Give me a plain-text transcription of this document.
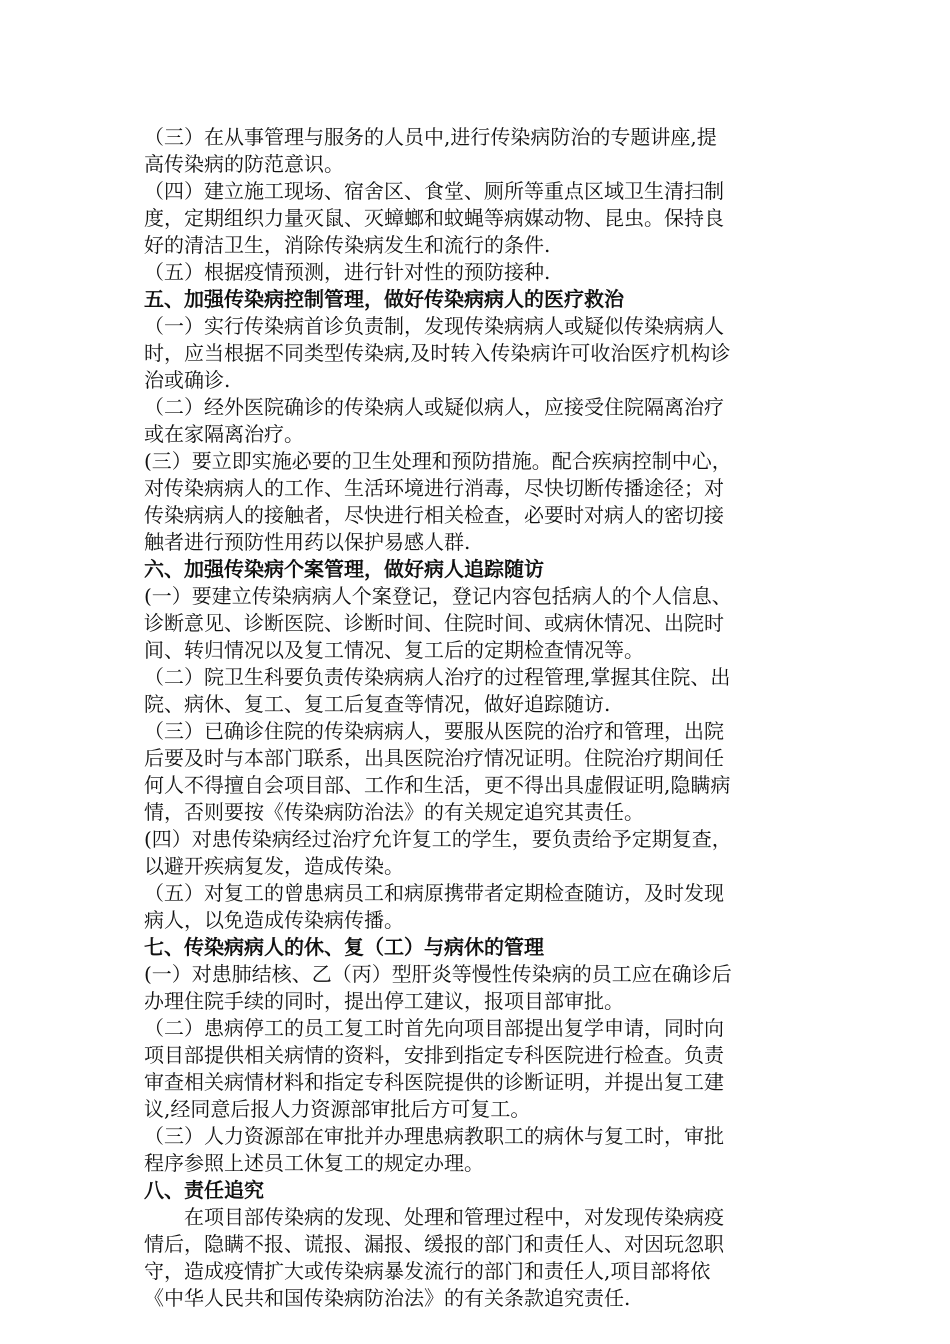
（三）在从事管理与服务的人员中,进行传染病防治的专题讲座,提
高传染病的防范意识。
（四）建立施工现场、宿舍区、食堂、厕所等重点区域卫生清扫制
度，定期组织力量灭鼠、灭蟑螂和蚊蝇等病媒动物、昆虫。保持良
好的清洁卫生，消除传染病发生和流行的条件.
（五）根据疫情预测，进行针对性的预防接种.
五、加强传染病控制管理，做好传染病病人的医疗救治
（一）实行传染病首诊负责制，发现传染病病人或疑似传染病病人
时，应当根据不同类型传染病,及时转入传染病许可收治医疗机构诊
治或确诊.
（二）经外医院确诊的传染病人或疑似病人，应接受住院隔离治疗
或在家隔离治疗。
(三）要立即实施必要的卫生处理和预防措施。配合疾病控制中心，
对传染病病人的工作、生活环境进行消毒，尽快切断传播途径；对
传染病病人的接触者，尽快进行相关检查，必要时对病人的密切接
触者进行预防性用药以保护易感人群.
六、加强传染病个案管理，做好病人追踪随访
(一）要建立传染病病人个案登记，登记内容包括病人的个人信息、
诊断意见、诊断医院、诊断时间、住院时间、或病休情况、出院时
间、转归情况以及复工情况、复工后的定期检查情况等。
（二）院卫生科要负责传染病病人治疗的过程管理,掌握其住院、出
院、病休、复工、复工后复查等情况，做好追踪随访.
（三）已确诊住院的传染病病人，要服从医院的治疗和管理，出院
后要及时与本部门联系，出具医院治疗情况证明。住院治疗期间任
何人不得擅自会项目部、工作和生活，更不得出具虚假证明,隐瞒病
情，否则要按《传染病防治法》的有关规定追究其责任。
(四）对患传染病经过治疗允许复工的学生，要负责给予定期复查，
以避开疾病复发，造成传染。
（五）对复工的曾患病员工和病原携带者定期检查随访，及时发现
病人，以免造成传染病传播。
七、传染病病人的休、复（工）与病休的管理
(一）对患肺结核、乙（丙）型肝炎等慢性传染病的员工应在确诊后
办理住院手续的同时，提出停工建议，报项目部审批。
（二）患病停工的员工复工时首先向项目部提出复学申请，同时向
项目部提供相关病情的资料，安排到指定专科医院进行检查。负责
审查相关病情材料和指定专科医院提供的诊断证明，并提出复工建
议,经同意后报人力资源部审批后方可复工。
（三）人力资源部在审批并办理患病教职工的病休与复工时，审批
程序参照上述员工休复工的规定办理。
八、责任追究
在项目部传染病的发现、处理和管理过程中，对发现传染病疫
情后，隐瞒不报、谎报、漏报、缓报的部门和责任人、对因玩忽职
守，造成疫情扩大或传染病暴发流行的部门和责任人,项目部将依
《中华人民共和国传染病防治法》的有关条款追究责任.
